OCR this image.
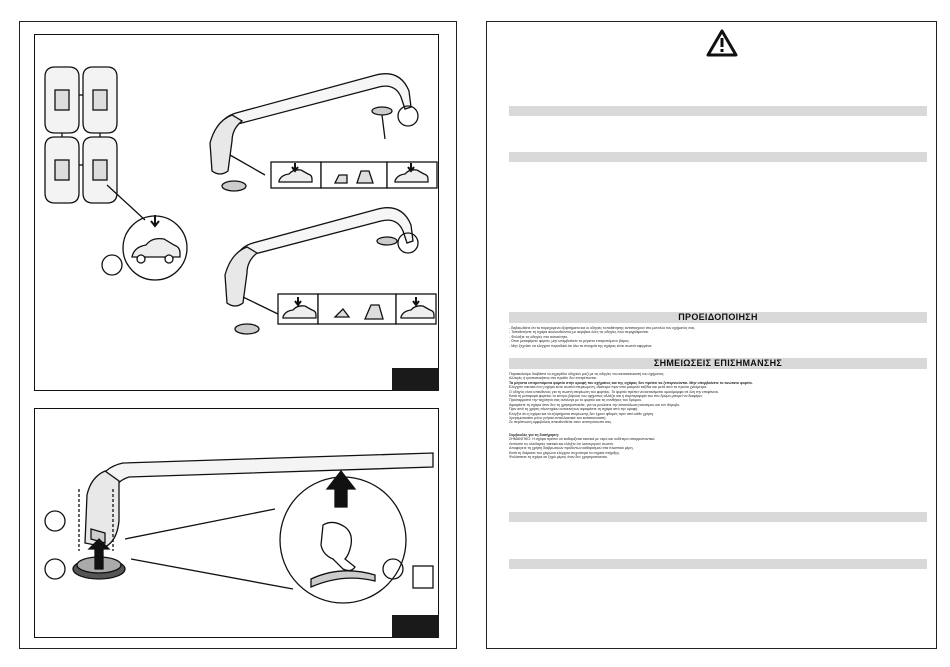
ΠΡΟΕΙΔΟΠΟΙΗΣΗ

- Βεβαιωθείτε ότι τα παρεχόμενα εξαρτήματα και οι οδηγίες τοποθέτησης αντιστοιχούν στο μοντέλο του οχήματός σας.

- Τοποθετήστε τη σχάρα ακολουθώντας με ακρίβεια όλες τις οδηγίες που περιγράφονται.

- Φυλάξτε τις οδηγίες στο αυτοκίνητο.

- Όταν μεταφέρετε φορτίο, μην υπερβαίνετε το μέγιστο επιτρεπόμενο βάρος.

- Μην ξεχνάτε να ελέγχετε περιοδικά ότι όλα τα στοιχεία της σχάρας είναι σωστά σφιγμένα.

ΣΗΜΕΙΩΣΕΙΣ ΕΠΙΣΗΜΑΝΣΗΣ

Παρακαλούμε διαβάστε το εγχειρίδιο οδηγιών μαζί με τις οδηγίες του κατασκευαστή του οχήματος.

Αλλαγές ή τροποποιήσεις στο προϊόν δεν επιτρέπονται.

Τα μέγιστα επιτρεπόμενα φορτία στην οροφή του οχήματος και της σχάρας δεν πρέπει να ξεπερνιούνται. Μην υπερβαίνετε το ανώτατο φορτίο.

Ελέγχετε τακτικά ότι η σχάρα είναι σωστά στερεωμένη, ιδιαίτερα πριν από μακρινά ταξίδια και μετά από τα πρώτα χιλιόμετρα.

Ο οδηγός είναι υπεύθυνος για τη σωστή στερέωση του φορτίου. Το φορτίο πρέπει να κατανέμεται ομοιόμορφα σε όλη την επιφάνεια.

Κατά τη μεταφορά φορτίου το κέντρο βάρους του οχήματος αλλάζει και η συμπεριφορά του στο δρόμο μπορεί να διαφέρει.

Προσαρμόστε την ταχύτητά σας ανάλογα με το φορτίο και τις συνθήκες του δρόμου.

Αφαιρέστε τη σχάρα όταν δεν τη χρησιμοποιείτε, για να μειώσετε την κατανάλωση καυσίμου και τον θόρυβο.

Πριν από τη χρήση πλυντηρίου αυτοκινήτων αφαιρέστε τη σχάρα από την οροφή.

Ελέγξτε ότι η σχάρα και τα εξαρτήματα στερέωσης δεν έχουν φθορές πριν από κάθε χρήση.

Χρησιμοποιείτε μόνο γνήσια ανταλλακτικά του κατασκευαστή.

Σε περίπτωση αμφιβολίας απευθυνθείτε στον αντιπρόσωπό σας.

Συμβουλές για τη διατήρηση:

ΣΗΜΑΝΤΙΚΟ: Η σχάρα πρέπει να καθαρίζεται τακτικά με νερό και ουδέτερο απορρυπαντικό.

Λιπάνετε τις κλειδαριές τακτικά και ελέγξτε ότι λειτουργούν σωστά.

Αποφύγετε τη χρήση διαβρωτικών προϊόντων καθαρισμού στα πλαστικά μέρη.

Κατά τη διάρκεια του χειμώνα ελέγχετε συχνότερα τα σημεία στήριξης.

Φυλάσσετε τη σχάρα σε ξηρό μέρος όταν δεν χρησιμοποιείται.
